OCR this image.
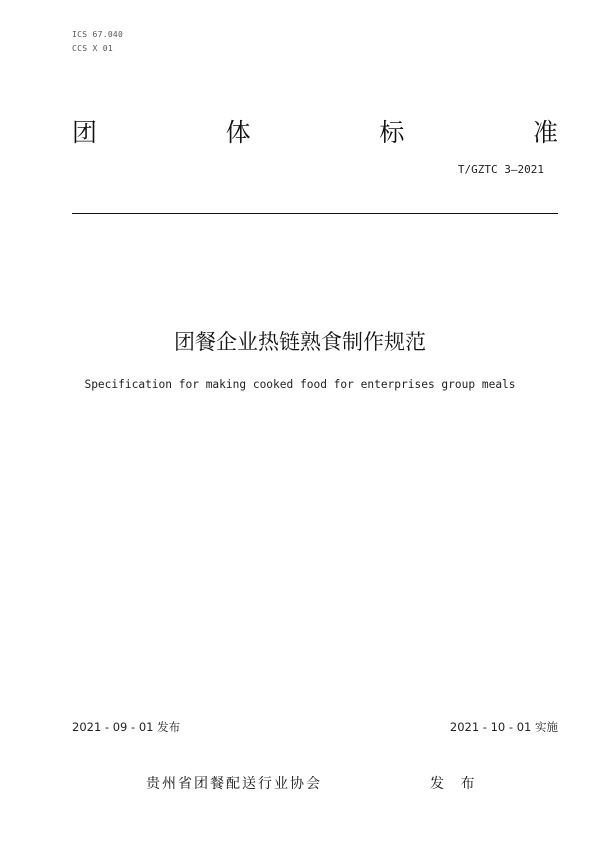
ICS 67.040
CCS X 01
团	体	标	准
T/GZTC 3—2021
团餐企业热链熟食制作规范
Specification for making cooked food for enterprises group meals
2021 - 09 - 01 发布	2021 - 10 - 01 实施
贵州省团餐配送行业协会	发 布
